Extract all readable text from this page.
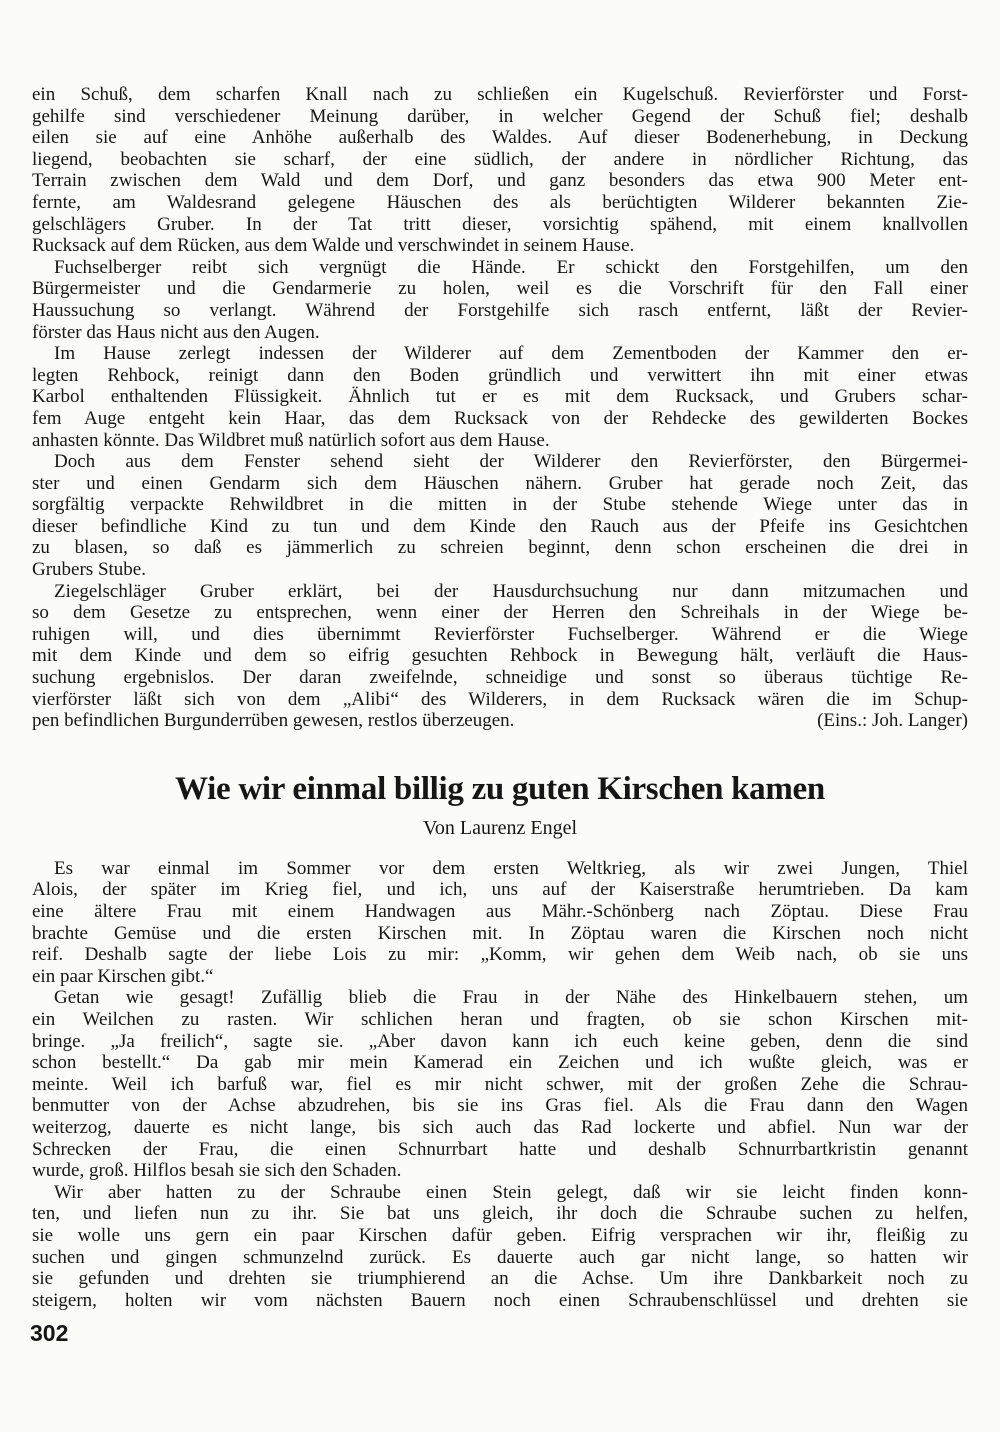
ein Schuß, dem scharfen Knall nach zu schließen ein Kugelschuß. Revierförster und Forst-
gehilfe sind verschiedener Meinung darüber, in welcher Gegend der Schuß fiel; deshalb
eilen sie auf eine Anhöhe außerhalb des Waldes. Auf dieser Bodenerhebung, in Deckung
liegend, beobachten sie scharf, der eine südlich, der andere in nördlicher Richtung, das
Terrain zwischen dem Wald und dem Dorf, und ganz besonders das etwa 900 Meter ent-
fernte, am Waldesrand gelegene Häuschen des als berüchtigten Wilderer bekannten Zie-
gelschlägers Gruber. In der Tat tritt dieser, vorsichtig spähend, mit einem knallvollen
Rucksack auf dem Rücken, aus dem Walde und verschwindet in seinem Hause.
Fuchselberger reibt sich vergnügt die Hände. Er schickt den Forstgehilfen, um den
Bürgermeister und die Gendarmerie zu holen, weil es die Vorschrift für den Fall einer
Haussuchung so verlangt. Während der Forstgehilfe sich rasch entfernt, läßt der Revier-
förster das Haus nicht aus den Augen.
Im Hause zerlegt indessen der Wilderer auf dem Zementboden der Kammer den er-
legten Rehbock, reinigt dann den Boden gründlich und verwittert ihn mit einer etwas
Karbol enthaltenden Flüssigkeit. Ähnlich tut er es mit dem Rucksack, und Grubers schar-
fem Auge entgeht kein Haar, das dem Rucksack von der Rehdecke des gewilderten Bockes
anhasten könnte. Das Wildbret muß natürlich sofort aus dem Hause.
Doch aus dem Fenster sehend sieht der Wilderer den Revierförster, den Bürgermei-
ster und einen Gendarm sich dem Häuschen nähern. Gruber hat gerade noch Zeit, das
sorgfältig verpackte Rehwildbret in die mitten in der Stube stehende Wiege unter das in
dieser befindliche Kind zu tun und dem Kinde den Rauch aus der Pfeife ins Gesichtchen
zu blasen, so daß es jämmerlich zu schreien beginnt, denn schon erscheinen die drei in
Grubers Stube.
Ziegelschläger Gruber erklärt, bei der Hausdurchsuchung nur dann mitzumachen und
so dem Gesetze zu entsprechen, wenn einer der Herren den Schreihals in der Wiege be-
ruhigen will, und dies übernimmt Revierförster Fuchselberger. Während er die Wiege
mit dem Kinde und dem so eifrig gesuchten Rehbock in Bewegung hält, verläuft die Haus-
suchung ergebnislos. Der daran zweifelnde, schneidige und sonst so überaus tüchtige Re-
vierförster läßt sich von dem „Alibi“ des Wilderers, in dem Rucksack wären die im Schup-
pen befindlichen Burgunderrüben gewesen, restlos überzeugen.	(Eins.: Joh. Langer)
Wie wir einmal billig zu guten Kirschen kamen
Von Laurenz Engel
Es war einmal im Sommer vor dem ersten Weltkrieg, als wir zwei Jungen, Thiel
Alois, der später im Krieg fiel, und ich, uns auf der Kaiserstraße herumtrieben. Da kam
eine ältere Frau mit einem Handwagen aus Mähr.-Schönberg nach Zöptau. Diese Frau
brachte Gemüse und die ersten Kirschen mit. In Zöptau waren die Kirschen noch nicht
reif. Deshalb sagte der liebe Lois zu mir: „Komm, wir gehen dem Weib nach, ob sie uns
ein paar Kirschen gibt.“
Getan wie gesagt! Zufällig blieb die Frau in der Nähe des Hinkelbauern stehen, um
ein Weilchen zu rasten. Wir schlichen heran und fragten, ob sie schon Kirschen mit-
bringe. „Ja freilich“, sagte sie. „Aber davon kann ich euch keine geben, denn die sind
schon bestellt.“ Da gab mir mein Kamerad ein Zeichen und ich wußte gleich, was er
meinte. Weil ich barfuß war, fiel es mir nicht schwer, mit der großen Zehe die Schrau-
benmutter von der Achse abzudrehen, bis sie ins Gras fiel. Als die Frau dann den Wagen
weiterzog, dauerte es nicht lange, bis sich auch das Rad lockerte und abfiel. Nun war der
Schrecken der Frau, die einen Schnurrbart hatte und deshalb Schnurrbartkristin genannt
wurde, groß. Hilflos besah sie sich den Schaden.
Wir aber hatten zu der Schraube einen Stein gelegt, daß wir sie leicht finden konn-
ten, und liefen nun zu ihr. Sie bat uns gleich, ihr doch die Schraube suchen zu helfen,
sie wolle uns gern ein paar Kirschen dafür geben. Eifrig versprachen wir ihr, fleißig zu
suchen und gingen schmunzelnd zurück. Es dauerte auch gar nicht lange, so hatten wir
sie gefunden und drehten sie triumphierend an die Achse. Um ihre Dankbarkeit noch zu
steigern, holten wir vom nächsten Bauern noch einen Schraubenschlüssel und drehten sie
302
